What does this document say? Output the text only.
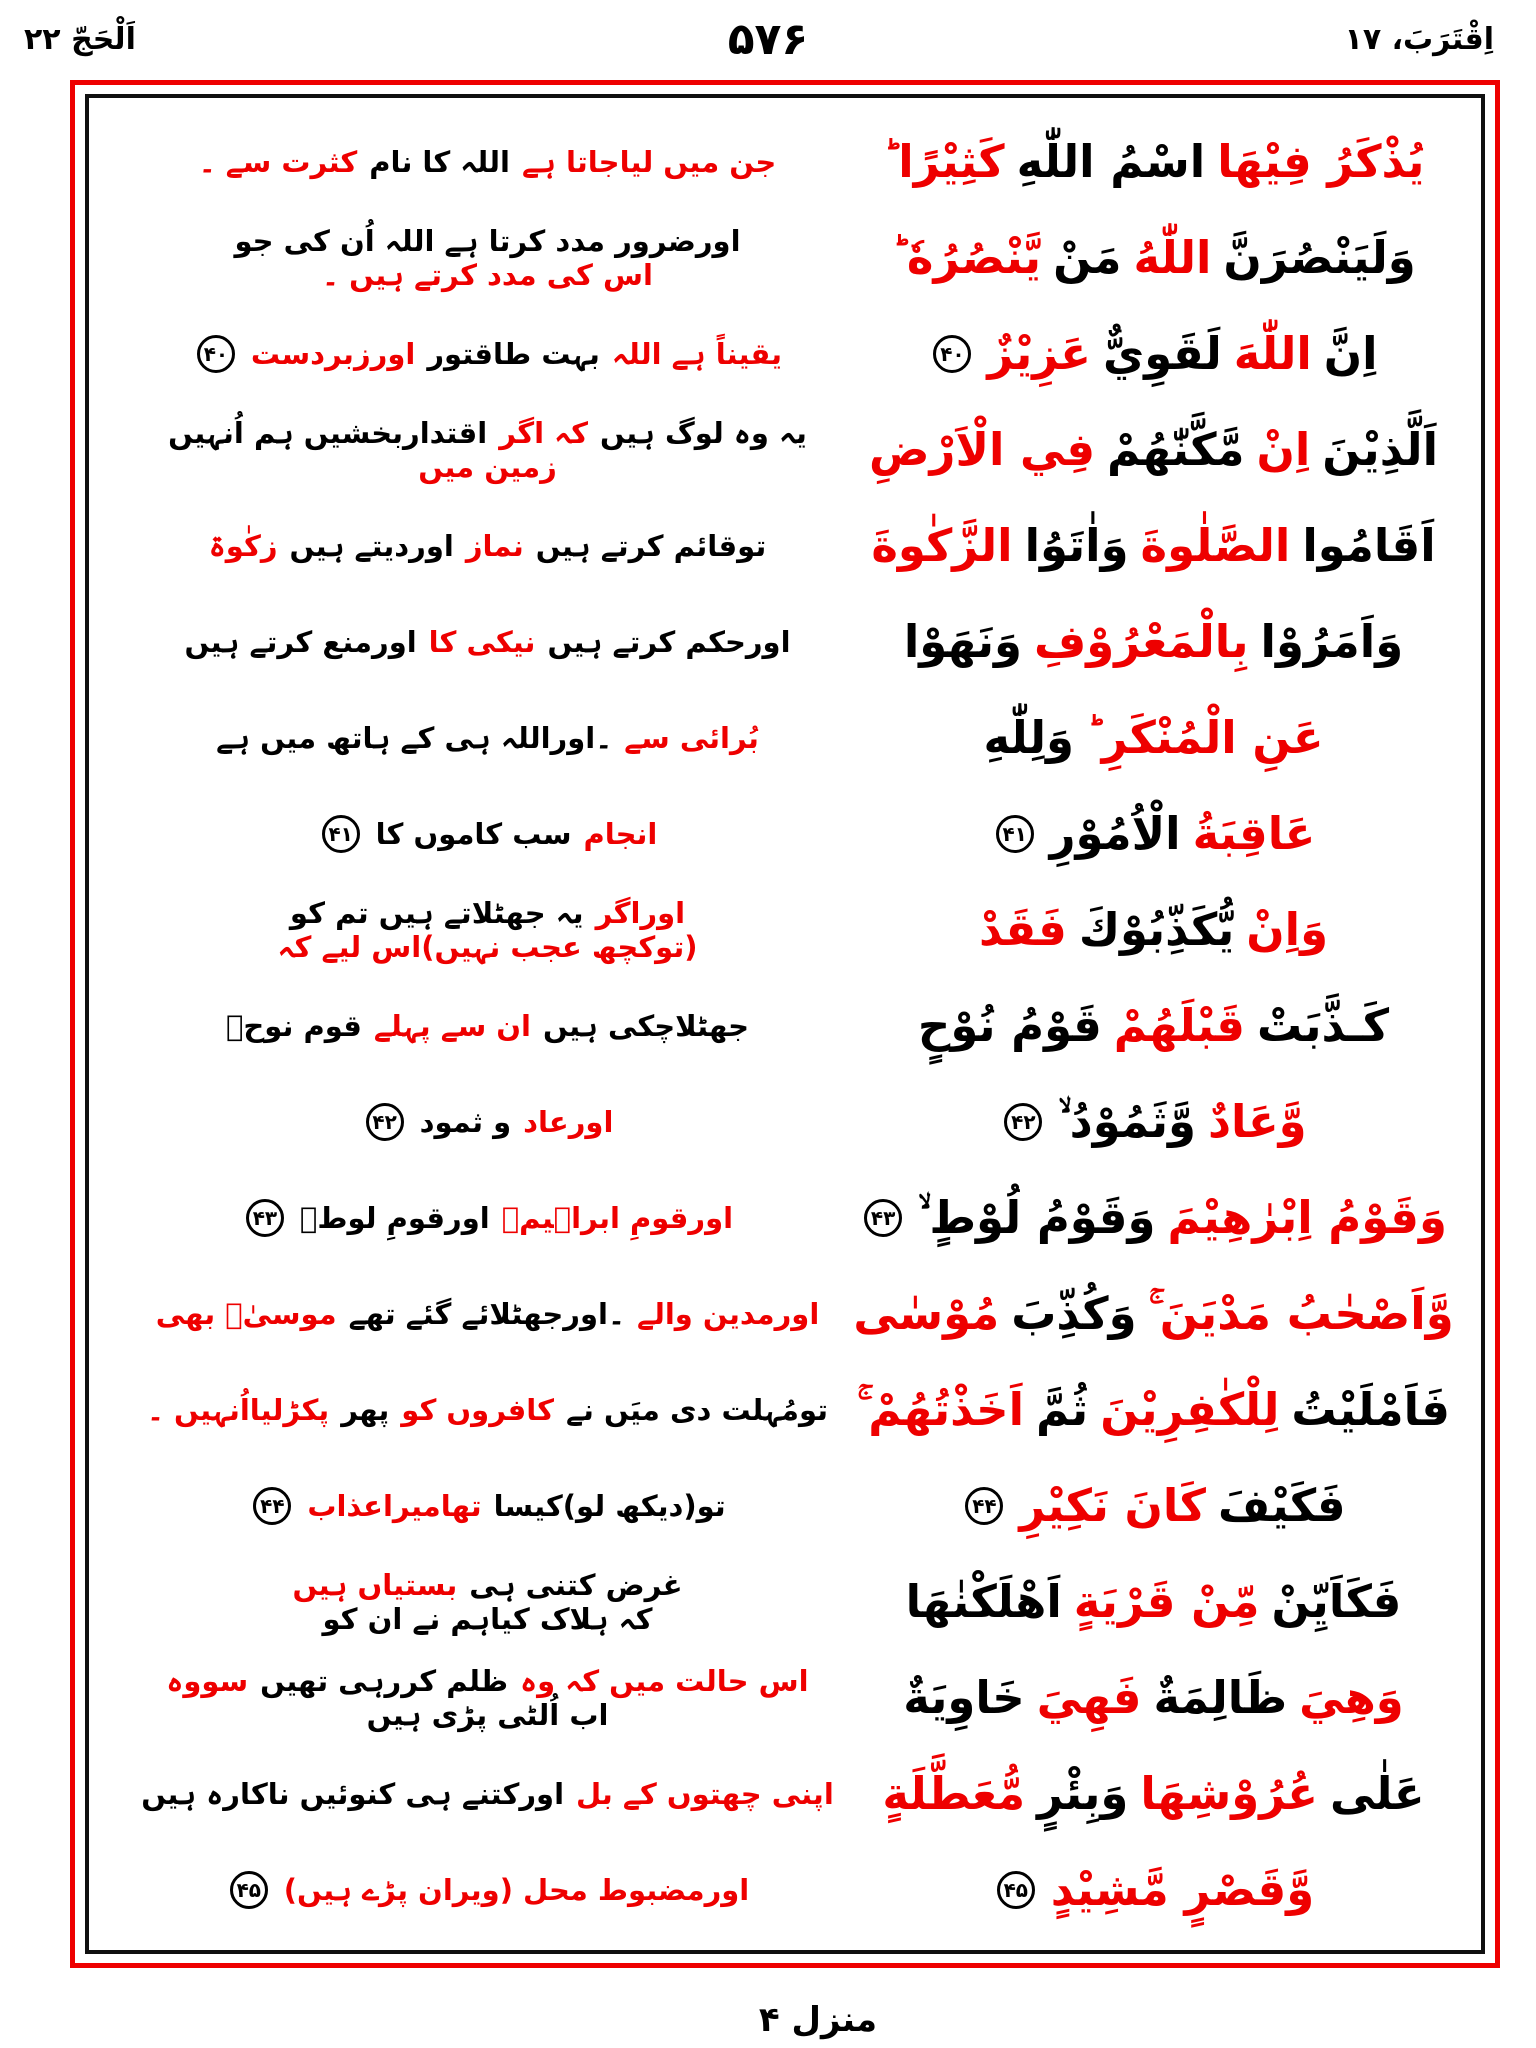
اَلْحَجّ ۲۲	۵۷۶	اِقْتَرَبَ، ۱۷
يُذْكَرُ فِيْهَا
اسْمُ اللّٰهِ
كَثِيْرًا ؕ
جن میں لیاجاتا ہے
اللہ کا نام
کثرت سے ۔
وَلَيَنْصُرَنَّ
اللّٰهُ
مَنْ
يَّنْصُرُهٗ ؕ
اورضرور مدد کرتا ہے اللہ اُن کی جو
اس کی مدد کرتے ہیں ۔
اِنَّ
اللّٰهَ
لَقَوِيٌّ
عَزِيْزٌ
۴۰
یقیناً ہے اللہ
بہت طاقتور
اورزبردست
۴۰
اَلَّذِيْنَ
اِنْ
مَّكَّنّٰهُمْ
فِي الْاَرْضِ
یہ وہ لوگ ہیں
کہ اگر
اقتداربخشیں ہم اُنہیں
زمین میں
اَقَامُوا
الصَّلٰوةَ
وَاٰتَوُا
الزَّكٰوةَ
توقائم کرتے ہیں
نماز
اوردیتے ہیں
زکٰوۃ
وَاَمَرُوْا
بِالْمَعْرُوْفِ
وَنَهَوْا
اورحکم کرتے ہیں
نیکی کا
اورمنع کرتے ہیں
عَنِ الْمُنْكَرِ ؕ
وَلِلّٰهِ
بُرائی سے
۔اوراللہ ہی کے ہاتھ میں ہے
عَاقِبَةُ
الْاُمُوْرِ
۴۱
انجام
سب کاموں کا
۴۱
وَاِنْ
يُّكَذِّبُوْكَ
فَقَدْ
اوراگر
یہ جھٹلاتے ہیں تم کو
(توکچھ عجب نہیں)اس لیے کہ
كَـذَّبَتْ
قَبْلَهُمْ
قَوْمُ نُوْحٍ
جھٹلاچکی ہیں
ان سے پہلے
قوم نوحؑ
وَّعَادٌ
وَّثَمُوْدُ ۙ
۴۲
اورعاد
و ثمود
۴۲
وَقَوْمُ اِبْرٰهِيْمَ
وَقَوْمُ لُوْطٍ ۙ
۴۳
اورقومِ ابراہیمؑ
اورقومِ لوطؑ
۴۳
وَّاَصْحٰبُ مَدْيَنَ ۚ
وَكُذِّبَ
مُوْسٰى
اورمدین والے
۔اورجھٹلائے گئے تھے
موسیٰؑ بھی
فَاَمْلَيْتُ
لِلْكٰفِرِيْنَ
ثُمَّ
اَخَذْتُهُمْ ۚ
تومُہلت دی میَں نے
کافروں کو
پھر
پکڑلیااُنہیں ۔
فَكَيْفَ
كَانَ نَكِيْرِ
۴۴
تو(دیکھ لو)کیسا
تھامیراعذاب
۴۴
فَكَاَيِّنْ
مِّنْ قَرْيَةٍ
اَهْلَكْنٰهَا
غرض کتنی ہی
بستیاں ہیں
کہ ہلاک کیاہم نے ان کو
وَهِيَ
ظَالِمَةٌ
فَهِيَ
خَاوِيَةٌ
اس حالت میں کہ وہ
ظلم کررہی تھیں
سووہ
اب اُلٹی پڑی ہیں
عَلٰى
عُرُوْشِهَا
وَبِئْرٍ
مُّعَطَّلَةٍ
اپنی چھتوں کے بل
اورکتنے ہی کنوئیں ناکارہ ہیں
وَّقَصْرٍ مَّشِيْدٍ
۴۵
اورمضبوط محل (ویران پڑے ہیں)
۴۵
منزل ۴
